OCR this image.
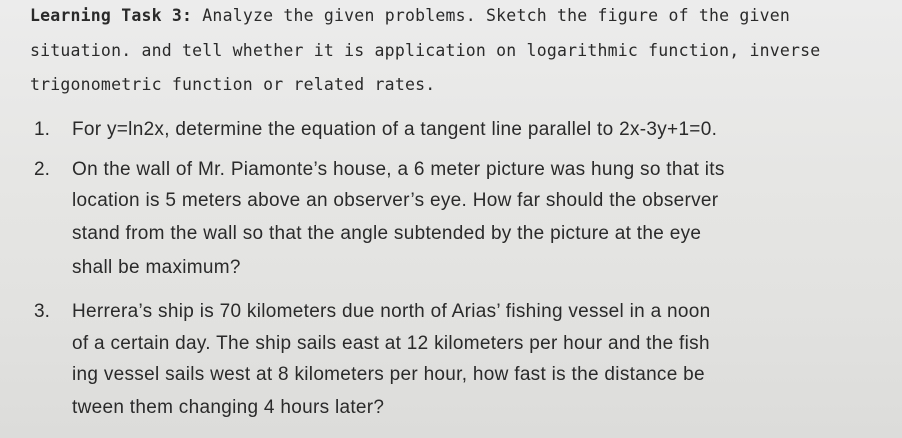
Learning Task 3: Analyze the given problems. Sketch the figure of the given
situation. and tell whether it is application on logarithmic function, inverse
trigonometric function or related rates.
1. For y=ln2x, determine the equation of a tangent line parallel to 2x-3y+1=0.
2. On the wall of Mr. Piamonte’s house, a 6 meter picture was hung so that its
location is 5 meters above an observer’s eye. How far should the observer
stand from the wall so that the angle subtended by the picture at the eye
shall be maximum?
3. Herrera’s ship is 70 kilometers due north of Arias’ fishing vessel in a noon
of a certain day. The ship sails east at 12 kilometers per hour and the fish
ing vessel sails west at 8 kilometers per hour, how fast is the distance be
tween them changing 4 hours later?
